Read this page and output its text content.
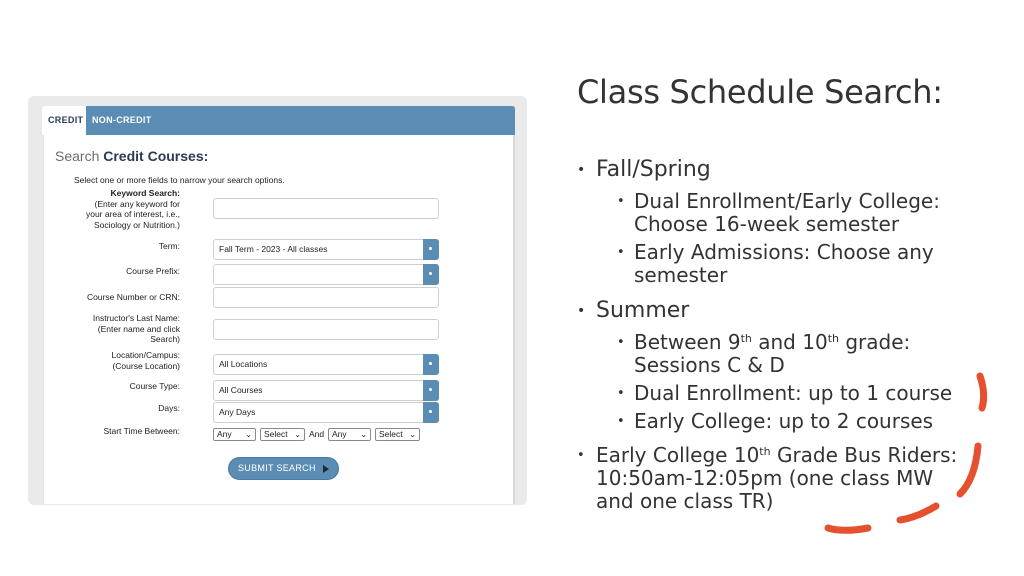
CREDIT NON-CREDIT
Search Credit Courses:
Select one or more fields to narrow your search options.
Keyword Search:
(Enter any keyword for
your area of interest, i.e.,
Sociology or Nutrition.)
Term:	Fall Term - 2023 - All classes
Course Prefix:
Course Number or CRN:
Instructor's Last Name:
(Enter name and click
Search)
Location/Campus:
(Course Location)	All Locations
Course Type:	All Courses
Days:	Any Days
Start Time Between:	Any ⌄	Select ⌄ And Any ⌄	Select ⌄
SUBMIT SEARCH
Class Schedule Search:
• Fall/Spring
• Dual Enrollment/Early College:
Choose 16-week semester
• Early Admissions: Choose any
semester
• Summer
• Between 9th and 10th grade:
Sessions C & D
• Dual Enrollment: up to 1 course
• Early College: up to 2 courses
• Early College 10th Grade Bus Riders:
10:50am-12:05pm (one class MW
and one class TR)
